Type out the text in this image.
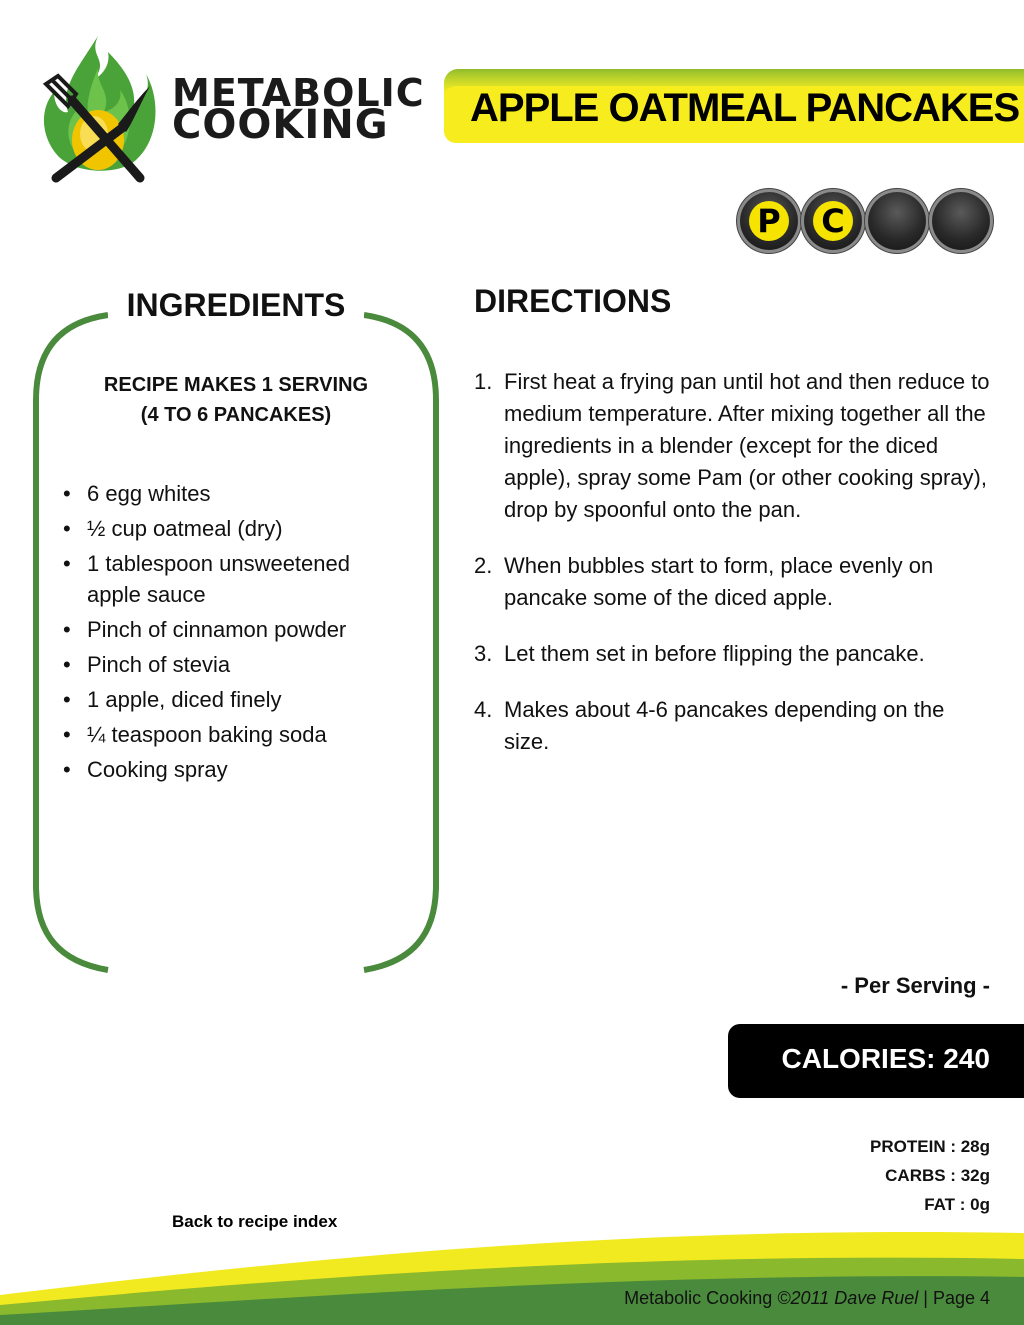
METABOLIC
COOKING APPLE OATMEAL PANCAKES
P C
INGREDIENTS
RECIPE MAKES 1 SERVING
(4 TO 6 PANCAKES)
• 6 egg whites
• ½ cup oatmeal (dry)
• 1 tablespoon unsweetened apple sauce
• Pinch of cinnamon powder
• Pinch of stevia
• 1 apple, diced finely
• ¼ teaspoon baking soda
• Cooking spray
DIRECTIONS
1. First heat a frying pan until hot and then reduce to medium temperature. After mixing together all the ingredients in a blender (except for the diced apple), spray some Pam (or other cooking spray), drop by spoonful onto the pan.
2. When bubbles start to form, place evenly on pancake some of the diced apple.
3. Let them set in before flipping the pancake.
4. Makes about 4-6 pancakes depending on the size.
- Per Serving -
CALORIES: 240
PROTEIN : 28g
CARBS : 32g
FAT : 0g
Back to recipe index
Metabolic Cooking ©2011 Dave Ruel | Page 4
